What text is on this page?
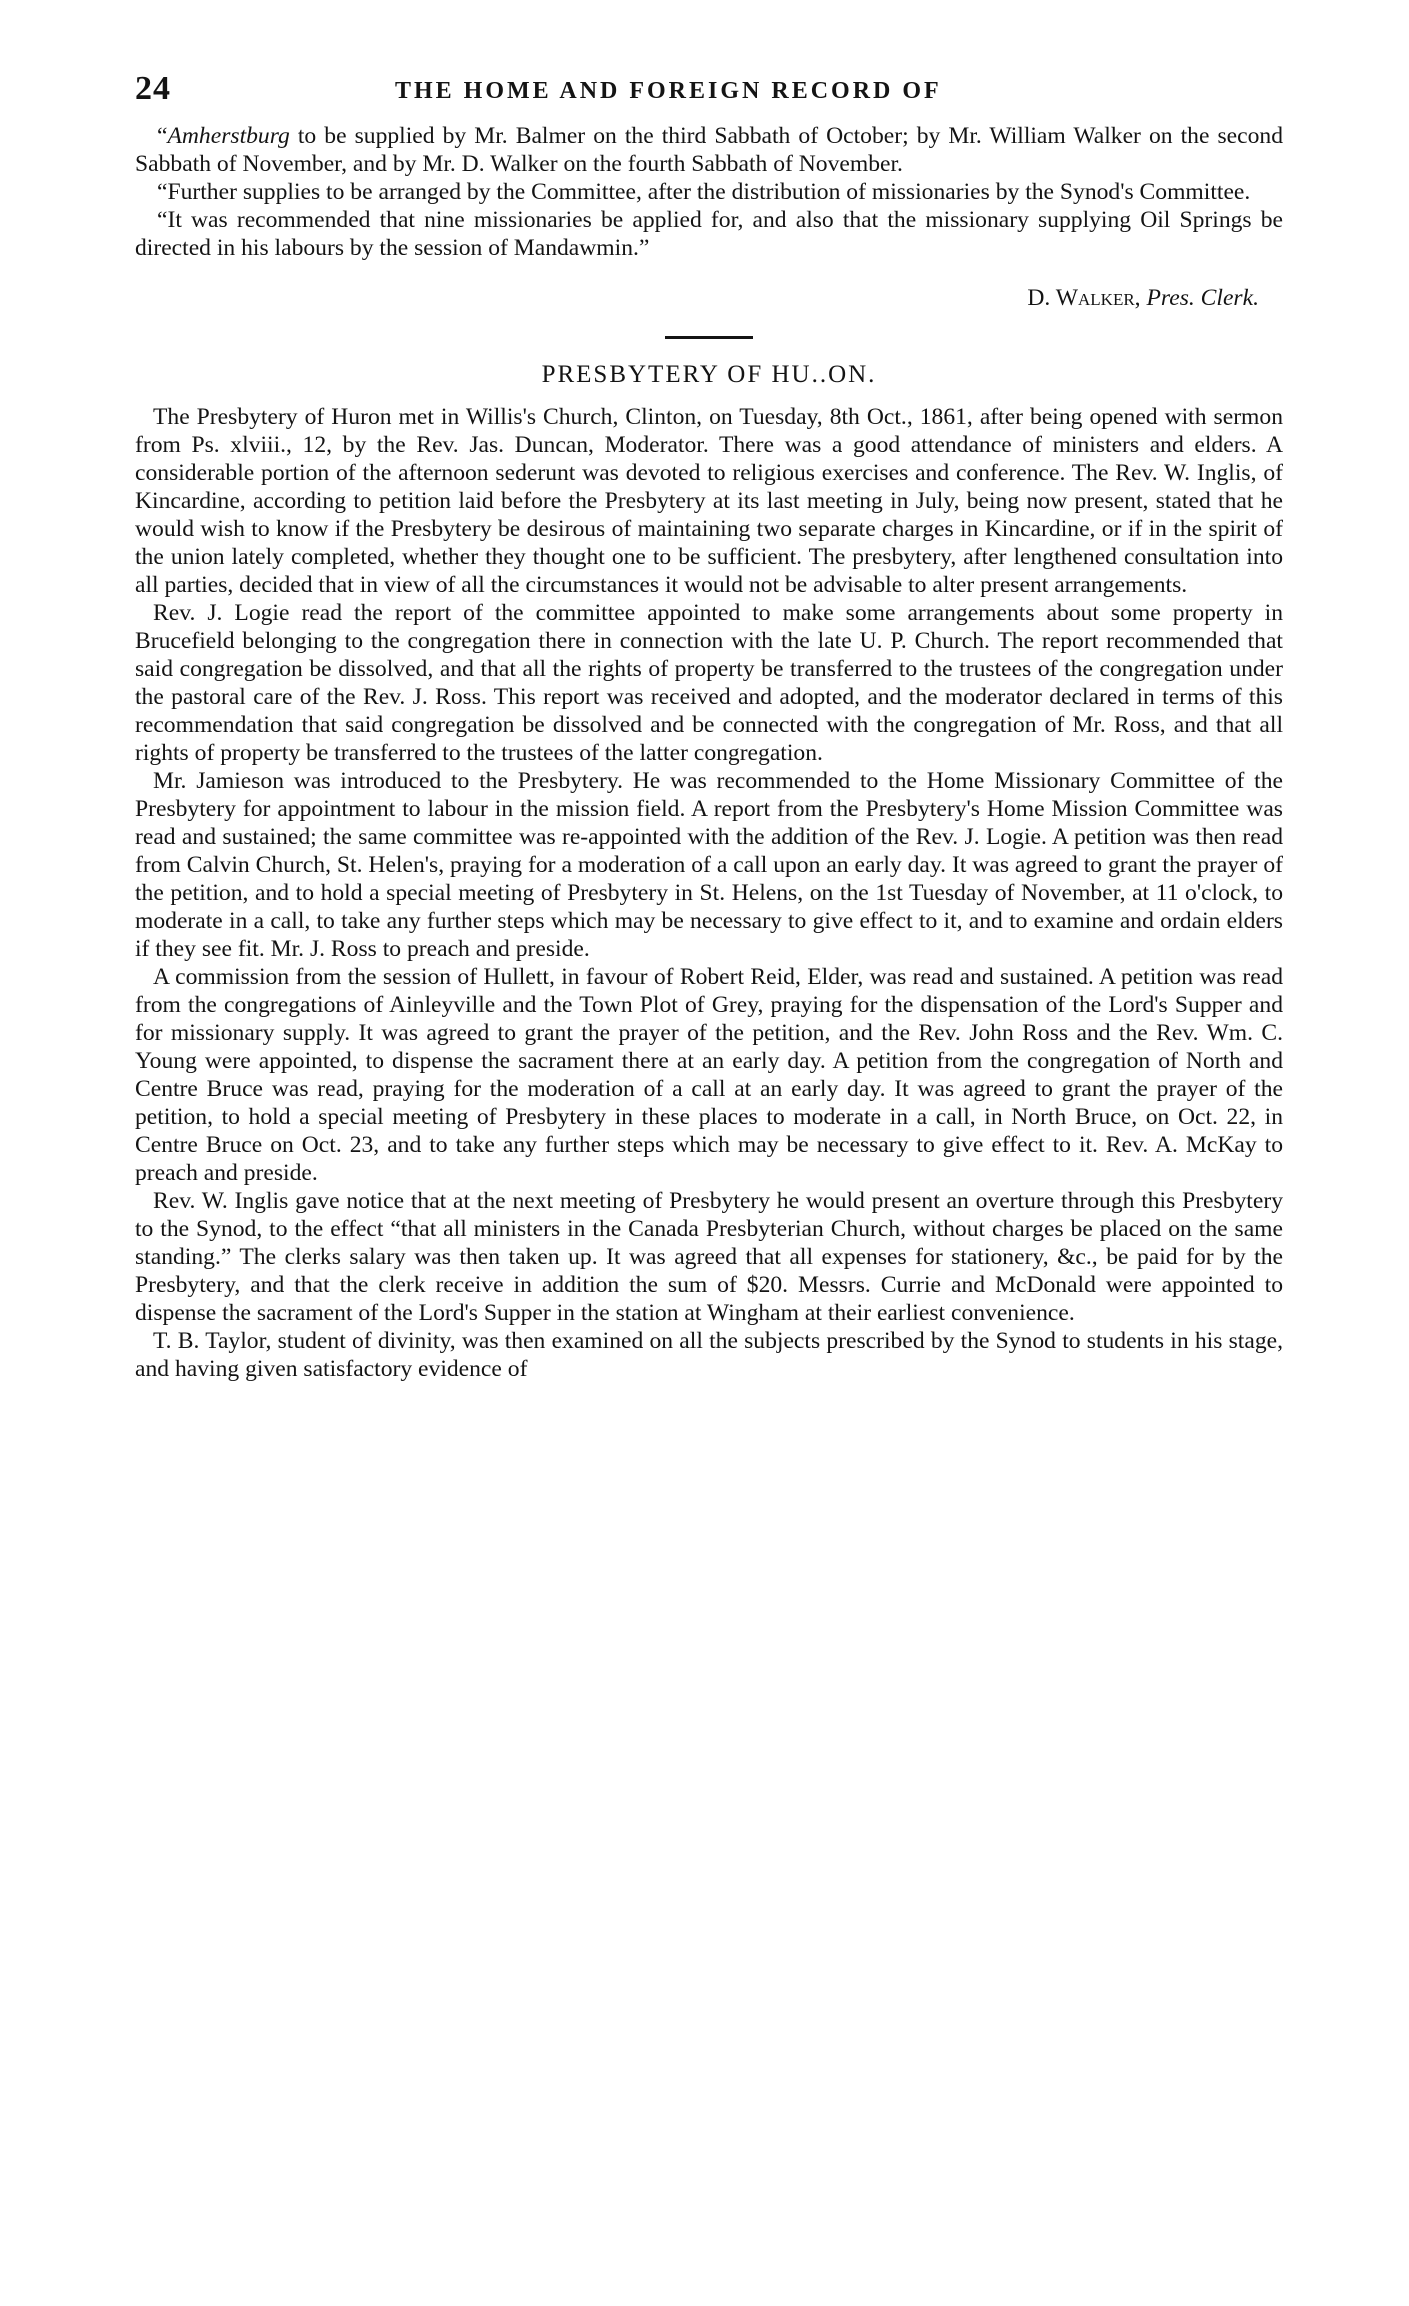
24	THE HOME AND FOREIGN RECORD OF

“Amherstburg to be supplied by Mr. Balmer on the third Sabbath of October; by Mr. William Walker on the second Sabbath of November, and by Mr. D. Walker on the fourth Sabbath of November.

“Further supplies to be arranged by the Committee, after the distribution of missionaries by the Synod's Committee.

“It was recommended that nine missionaries be applied for, and also that the missionary supplying Oil Springs be directed in his labours by the session of Mandawmin.”

D. Walker, Pres. Clerk.
PRESBYTERY OF HU..ON.

The Presbytery of Huron met in Willis's Church, Clinton, on Tuesday, 8th Oct., 1861, after being opened with sermon from Ps. xlviii., 12, by the Rev. Jas. Duncan, Moderator. There was a good attendance of ministers and elders. A considerable portion of the afternoon sederunt was devoted to religious exercises and conference. The Rev. W. Inglis, of Kincardine, according to petition laid before the Presbytery at its last meeting in July, being now present, stated that he would wish to know if the Presbytery be desirous of maintaining two separate charges in Kincardine, or if in the spirit of the union lately completed, whether they thought one to be sufficient. The presbytery, after lengthened consultation into all parties, decided that in view of all the circumstances it would not be advisable to alter present arrangements.

Rev. J. Logie read the report of the committee appointed to make some arrangements about some property in Brucefield belonging to the congregation there in connection with the late U. P. Church. The report recommended that said congregation be dissolved, and that all the rights of property be transferred to the trustees of the congregation under the pastoral care of the Rev. J. Ross. This report was received and adopted, and the moderator declared in terms of this recommendation that said congregation be dissolved and be connected with the congregation of Mr. Ross, and that all rights of property be transferred to the trustees of the latter congregation.

Mr. Jamieson was introduced to the Presbytery. He was recommended to the Home Missionary Committee of the Presbytery for appointment to labour in the mission field. A report from the Presbytery's Home Mission Committee was read and sustained; the same committee was re-appointed with the addition of the Rev. J. Logie. A petition was then read from Calvin Church, St. Helen's, praying for a moderation of a call upon an early day. It was agreed to grant the prayer of the petition, and to hold a special meeting of Presbytery in St. Helens, on the 1st Tuesday of November, at 11 o'clock, to moderate in a call, to take any further steps which may be necessary to give effect to it, and to examine and ordain elders if they see fit. Mr. J. Ross to preach and preside.

A commission from the session of Hullett, in favour of Robert Reid, Elder, was read and sustained. A petition was read from the congregations of Ainleyville and the Town Plot of Grey, praying for the dispensation of the Lord's Supper and for missionary supply. It was agreed to grant the prayer of the petition, and the Rev. John Ross and the Rev. Wm. C. Young were appointed, to dispense the sacrament there at an early day. A petition from the congregation of North and Centre Bruce was read, praying for the moderation of a call at an early day. It was agreed to grant the prayer of the petition, to hold a special meeting of Presbytery in these places to moderate in a call, in North Bruce, on Oct. 22, in Centre Bruce on Oct. 23, and to take any further steps which may be necessary to give effect to it. Rev. A. McKay to preach and preside.

Rev. W. Inglis gave notice that at the next meeting of Presbytery he would present an overture through this Presbytery to the Synod, to the effect “that all ministers in the Canada Presbyterian Church, without charges be placed on the same standing.” The clerks salary was then taken up. It was agreed that all expenses for stationery, &c., be paid for by the Presbytery, and that the clerk receive in addition the sum of $20. Messrs. Currie and McDonald were appointed to dispense the sacrament of the Lord's Supper in the station at Wingham at their earliest convenience.

T. B. Taylor, student of divinity, was then examined on all the subjects prescribed by the Synod to students in his stage, and having given satisfactory evidence of
